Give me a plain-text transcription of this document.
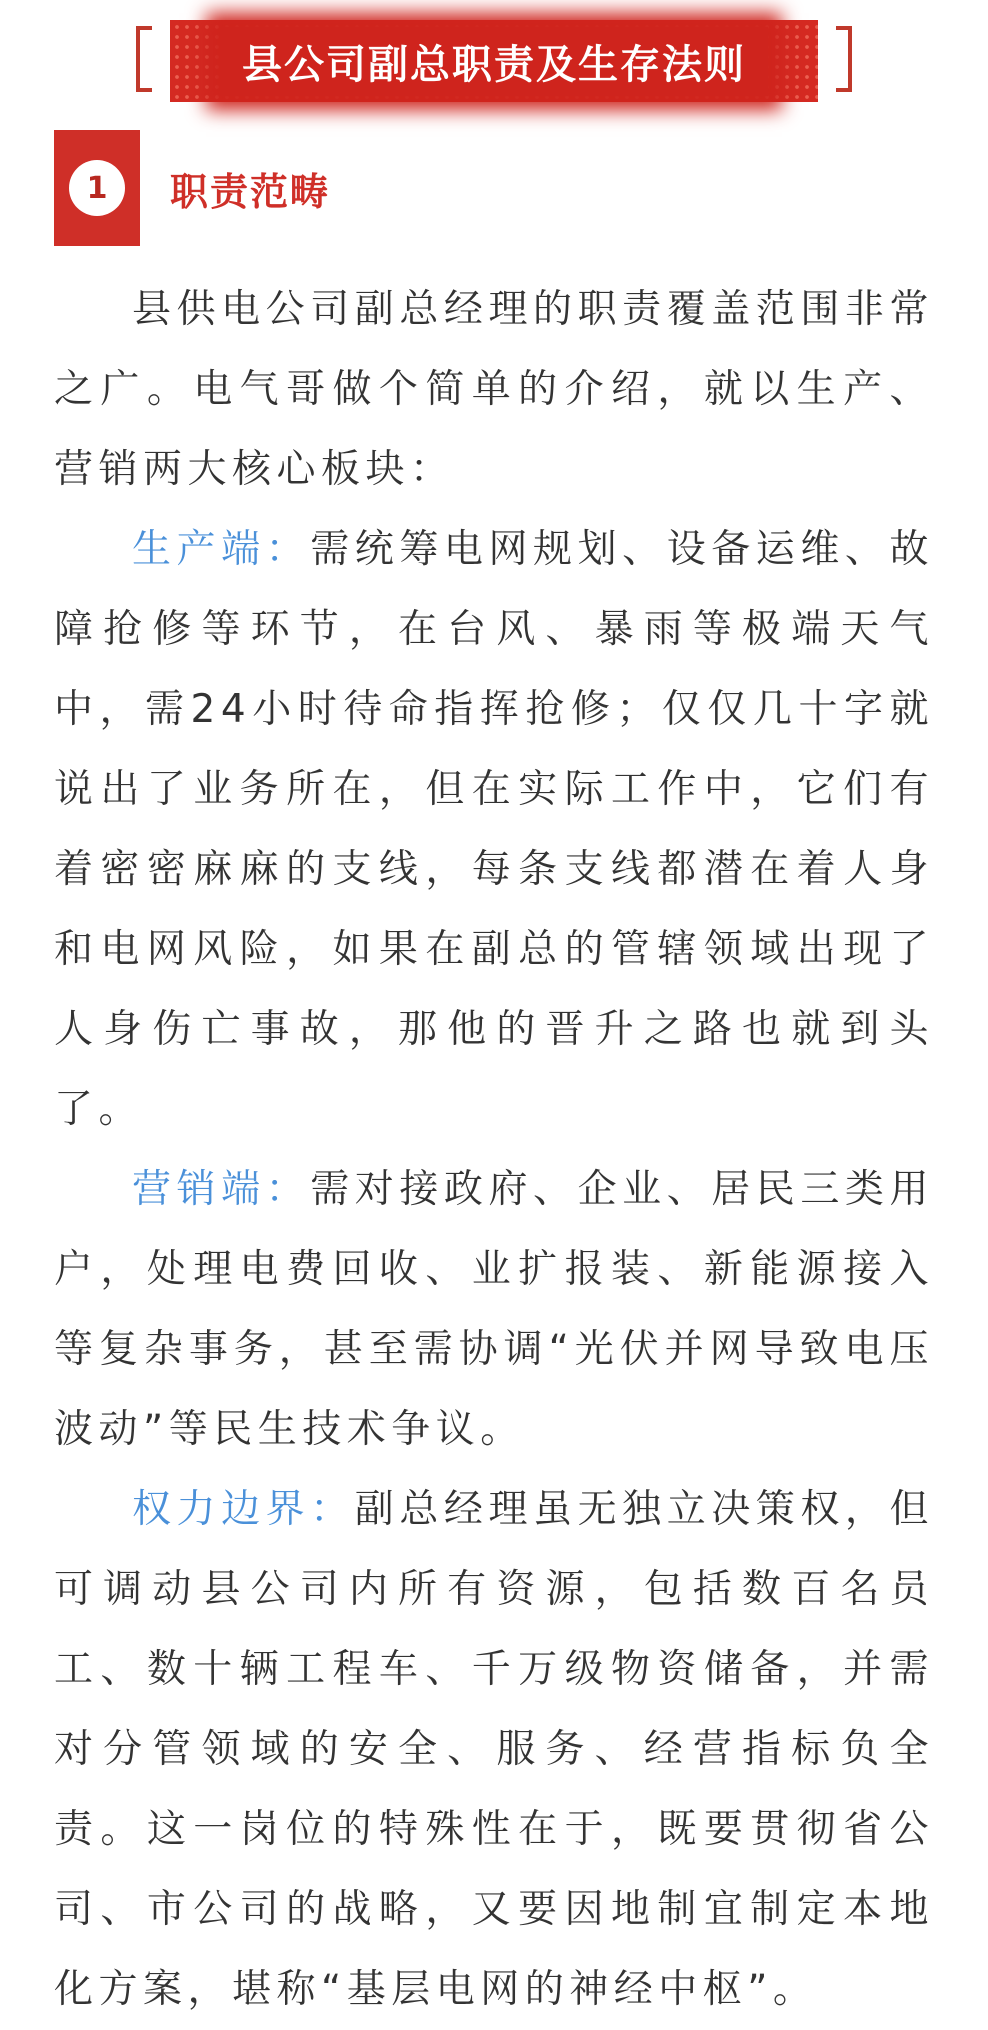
县公司副总职责及生存法则
1	职责范畴

县供电公司副总经理的职责覆盖范围非常之广。电气哥做个简单的介绍，就以生产、营销两大核心板块：

生产端：需统筹电网规划、设备运维、故障抢修等环节，在台风、暴雨等极端天气中，需24小时待命指挥抢修；仅仅几十字就说出了业务所在，但在实际工作中，它们有着密密麻麻的支线，每条支线都潜在着人身和电网风险，如果在副总的管辖领域出现了人身伤亡事故，那他的晋升之路也就到头了。

营销端：需对接政府、企业、居民三类用户，处理电费回收、业扩报装、新能源接入等复杂事务，甚至需协调“光伏并网导致电压波动”等民生技术争议。

权力边界：副总经理虽无独立决策权，但可调动县公司内所有资源，包括数百名员工、数十辆工程车、千万级物资储备，并需对分管领域的安全、服务、经营指标负全责。这一岗位的特殊性在于，既要贯彻省公司、市公司的战略，又要因地制宜制定本地化方案，堪称“基层电网的神经中枢”。
